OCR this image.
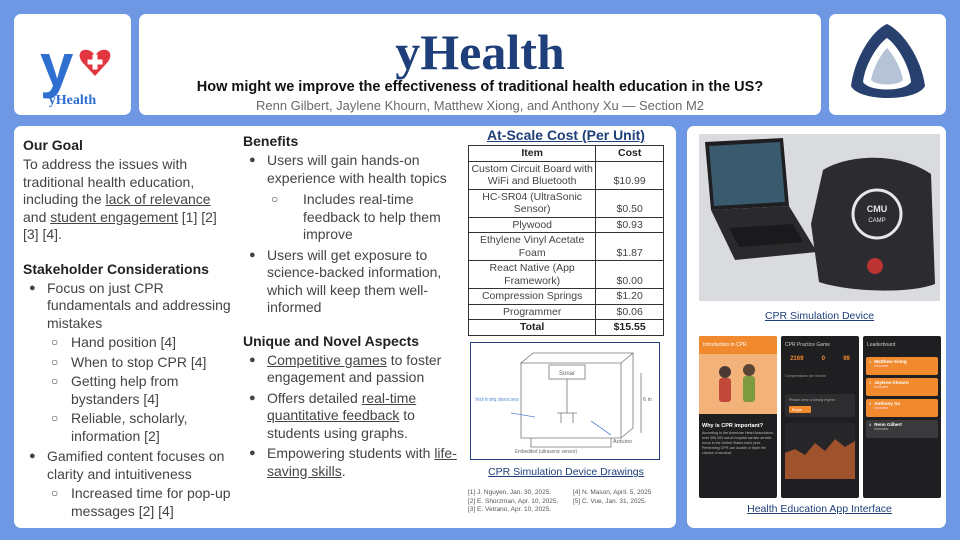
y
yHealth
yHealth
How might we improve the effectiveness of traditional health education in the US?
Renn Gilbert, Jaylene Khourn, Matthew Xiong, and Anthony Xu — Section M2
Our Goal
To address the issues with traditional health education, including the lack of relevance and student engagement [1] [2] [3] [4].
Stakeholder Considerations
● Focus on just CPR fundamentals and addressing mistakes
○ Hand position [4]
○ When to stop CPR [4]
○ Getting help from bystanders [4]
○ Reliable, scholarly, information [2]
● Gamified content focuses on clarity and intuitiveness
○ Increased time for pop-up messages [2] [4]
Benefits
● Users will gain hands-on experience with health topics
○ Includes real-time feedback to help them improve
● Users will get exposure to science-backed information, which will keep them well-informed
Unique and Novel Aspects
● Competitive games to foster engagement and passion
● Offers detailed real-time quantitative feedback to students using graphs.
● Empowering students with life-saving skills.
At-Scale Cost (Per Unit)
Item	Cost
Custom Circuit Board with WiFi and Bluetooth	$10.99
HC-SR04 (UltraSonic Sensor)	$0.50
Plywood	$0.93
Ethylene Vinyl Acetate Foam	$1.87
React Native (App Framework)	$0.00
Compression Springs	$1.20
Programmer	$0.06
Total	$15.55
Sonar
Vehicle for wiring, ultrasonic sensor
Embedded (ultrasonic sensor)
Arduino
6 in
CPR Simulation Device Drawings
[1] J. Nguyen, Jan. 30, 2025.
[2] E. Shorzman, Apr. 10, 2025.
[3] E. Vetrano, Apr. 10, 2025.
[4] N. Mason, April. 5, 2025
[5] C. Vue, Jan. 31, 2025.
CMU
CAMP
CPR Simulation Device
Introduction to CPR
Why is CPR important?
According to the American Heart Association, over 356,000 out-of-hospital cardiac arrests occur in the United States each year. Performing CPR can double or triple the chance of survival.
CPR Practice Game
2169	0	99
Compressions per minute
Please keep a steady rhythm
Begin
Leaderboard
1 Matthew Xiong
Instructor
2 Jaylene Khourn
Instructor
3 Anthony Xu
Instructor
4 Renn Gilbert
Instructor
Health Education App Interface
